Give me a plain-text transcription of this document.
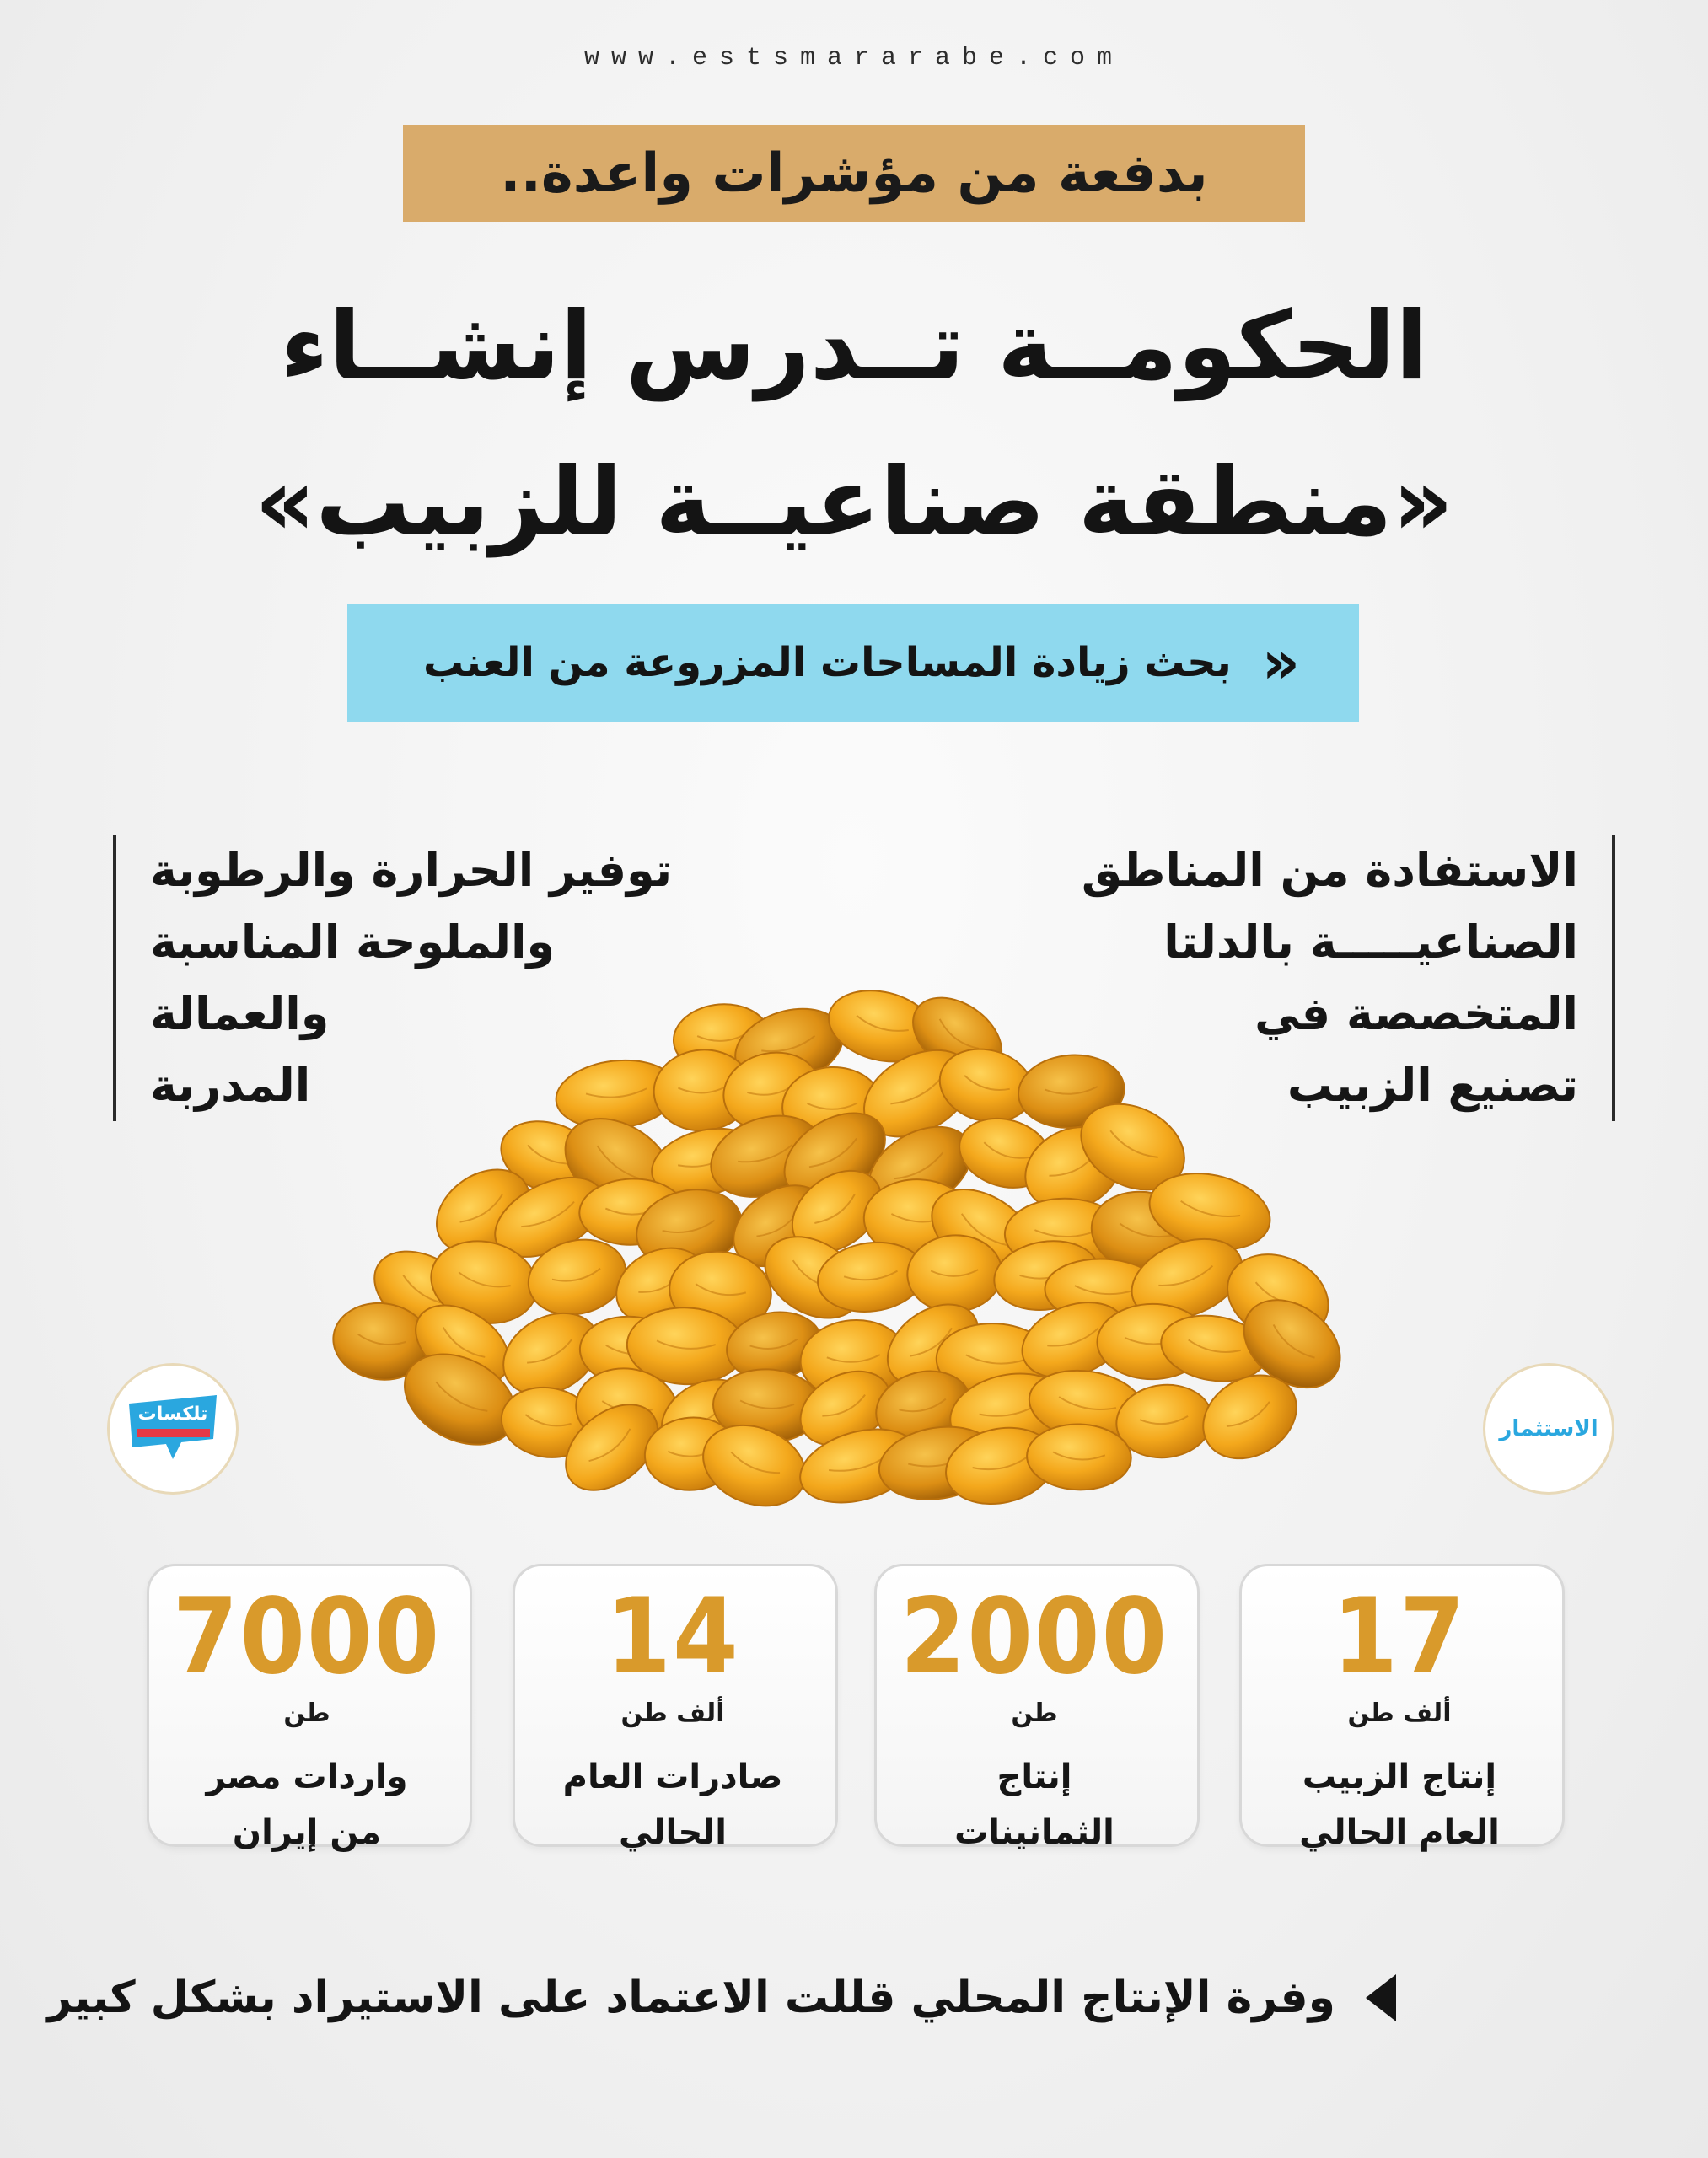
www.estsmararabe.com
بدفعة من مؤشرات واعدة..
الحكومــة تــدرس إنشــاء
«منطقة صناعيــة للزبيب»
«
بحث زيادة المساحات المزروعة من العنب
الاستفادة من المناطق
الصناعيـــــة بالدلتا
المتخصصة في
تصنيع الزبيب
توفير الحرارة والرطوبة
والملوحة المناسبة
والعمالة
المدربة
تلكسات
الاستثمار
17
ألف طن
إنتاج الزبيب
العام الحالي
2000
طن
إنتاج
الثمانينات
14
ألف طن
صادرات العام
الحالي
7000
طن
واردات مصر
من إيران
وفرة الإنتاج المحلي قللت الاعتماد على الاستيراد بشكل كبير
